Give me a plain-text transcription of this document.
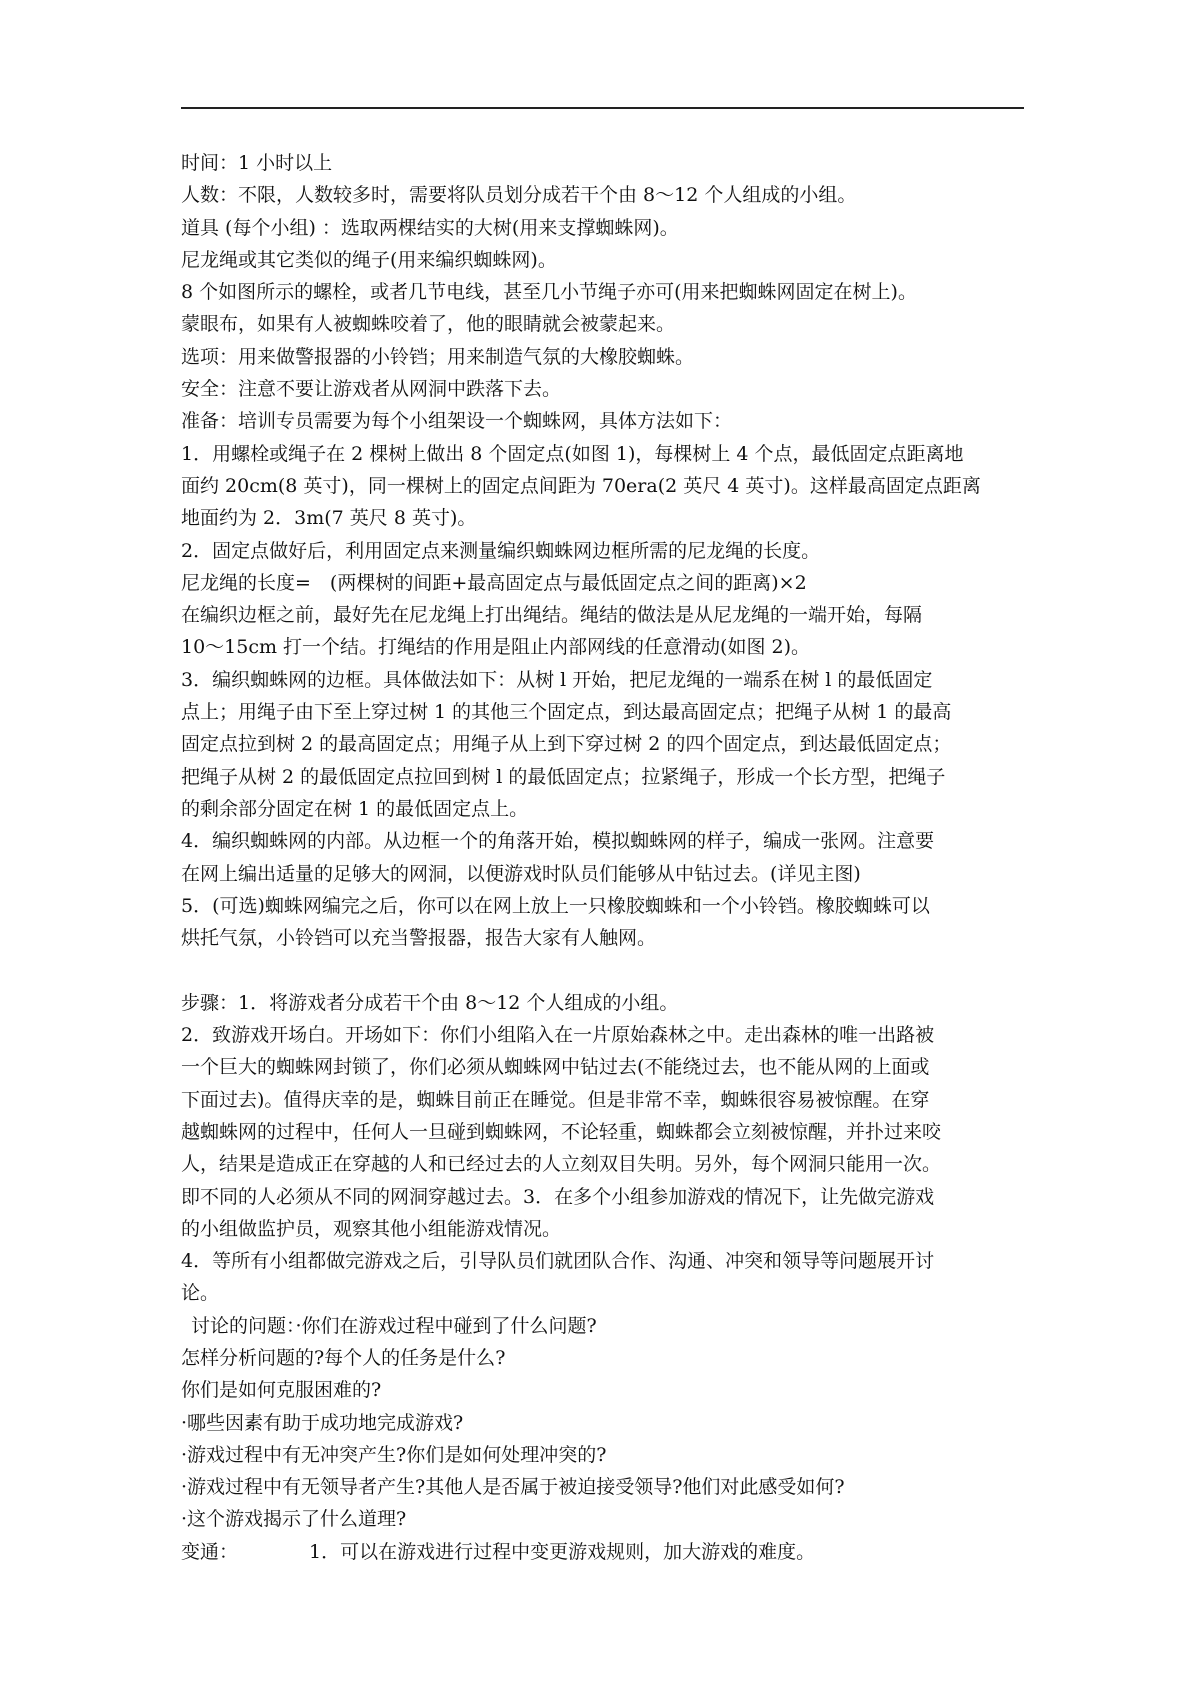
时间：1 小时以上
人数：不限，人数较多时，需要将队员划分成若干个由 8～12 个人组成的小组。
道具 (每个小组) ：选取两棵结实的大树(用来支撑蜘蛛网)。
尼龙绳或其它类似的绳子(用来编织蜘蛛网)。
8 个如图所示的螺栓，或者几节电线，甚至几小节绳子亦可(用来把蜘蛛网固定在树上)。
蒙眼布，如果有人被蜘蛛咬着了，他的眼睛就会被蒙起来。
选项：用来做警报器的小铃铛；用来制造气氛的大橡胶蜘蛛。
安全：注意不要让游戏者从网洞中跌落下去。
准备：培训专员需要为每个小组架设一个蜘蛛网，具体方法如下：
1．用螺栓或绳子在 2 棵树上做出 8 个固定点(如图 1)，每棵树上 4 个点，最低固定点距离地
面约 20cm(8 英寸)，同一棵树上的固定点间距为 70era(2 英尺 4 英寸)。这样最高固定点距离
地面约为 2．3m(7 英尺 8 英寸)。
2．固定点做好后，利用固定点来测量编织蜘蛛网边框所需的尼龙绳的长度。
尼龙绳的长度=　(两棵树的间距+最高固定点与最低固定点之间的距离)×2
在编织边框之前，最好先在尼龙绳上打出绳结。绳结的做法是从尼龙绳的一端开始，每隔
10～15cm 打一个结。打绳结的作用是阻止内部网线的任意滑动(如图 2)。
3．编织蜘蛛网的边框。具体做法如下：从树 l 开始，把尼龙绳的一端系在树 l 的最低固定
点上；用绳子由下至上穿过树 1 的其他三个固定点，到达最高固定点；把绳子从树 1 的最高
固定点拉到树 2 的最高固定点；用绳子从上到下穿过树 2 的四个固定点，到达最低固定点；
把绳子从树 2 的最低固定点拉回到树 l 的最低固定点；拉紧绳子，形成一个长方型，把绳子
的剩余部分固定在树 1 的最低固定点上。
4．编织蜘蛛网的内部。从边框一个的角落开始，模拟蜘蛛网的样子，编成一张网。注意要
在网上编出适量的足够大的网洞，以便游戏时队员们能够从中钻过去。(详见主图)
5．(可选)蜘蛛网编完之后，你可以在网上放上一只橡胶蜘蛛和一个小铃铛。橡胶蜘蛛可以
烘托气氛，小铃铛可以充当警报器，报告大家有人触网。
步骤：1．将游戏者分成若干个由 8～12 个人组成的小组。
2．致游戏开场白。开场如下：你们小组陷入在一片原始森林之中。走出森林的唯一出路被
一个巨大的蜘蛛网封锁了，你们必须从蜘蛛网中钻过去(不能绕过去，也不能从网的上面或
下面过去)。值得庆幸的是，蜘蛛目前正在睡觉。但是非常不幸，蜘蛛很容易被惊醒。在穿
越蜘蛛网的过程中，任何人一旦碰到蜘蛛网，不论轻重，蜘蛛都会立刻被惊醒，并扑过来咬
人，结果是造成正在穿越的人和已经过去的人立刻双目失明。另外，每个网洞只能用一次。
即不同的人必须从不同的网洞穿越过去。3．在多个小组参加游戏的情况下，让先做完游戏
的小组做监护员，观察其他小组能游戏情况。
4．等所有小组都做完游戏之后，引导队员们就团队合作、沟通、冲突和领导等问题展开讨
论。
讨论的问题：·你们在游戏过程中碰到了什么问题?
怎样分析问题的?每个人的任务是什么?
你们是如何克服困难的?
·哪些因素有助于成功地完成游戏?
·游戏过程中有无冲突产生?你们是如何处理冲突的?
·游戏过程中有无领导者产生?其他人是否属于被迫接受领导?他们对此感受如何?
·这个游戏揭示了什么道理?
变通：	1．可以在游戏进行过程中变更游戏规则，加大游戏的难度。
